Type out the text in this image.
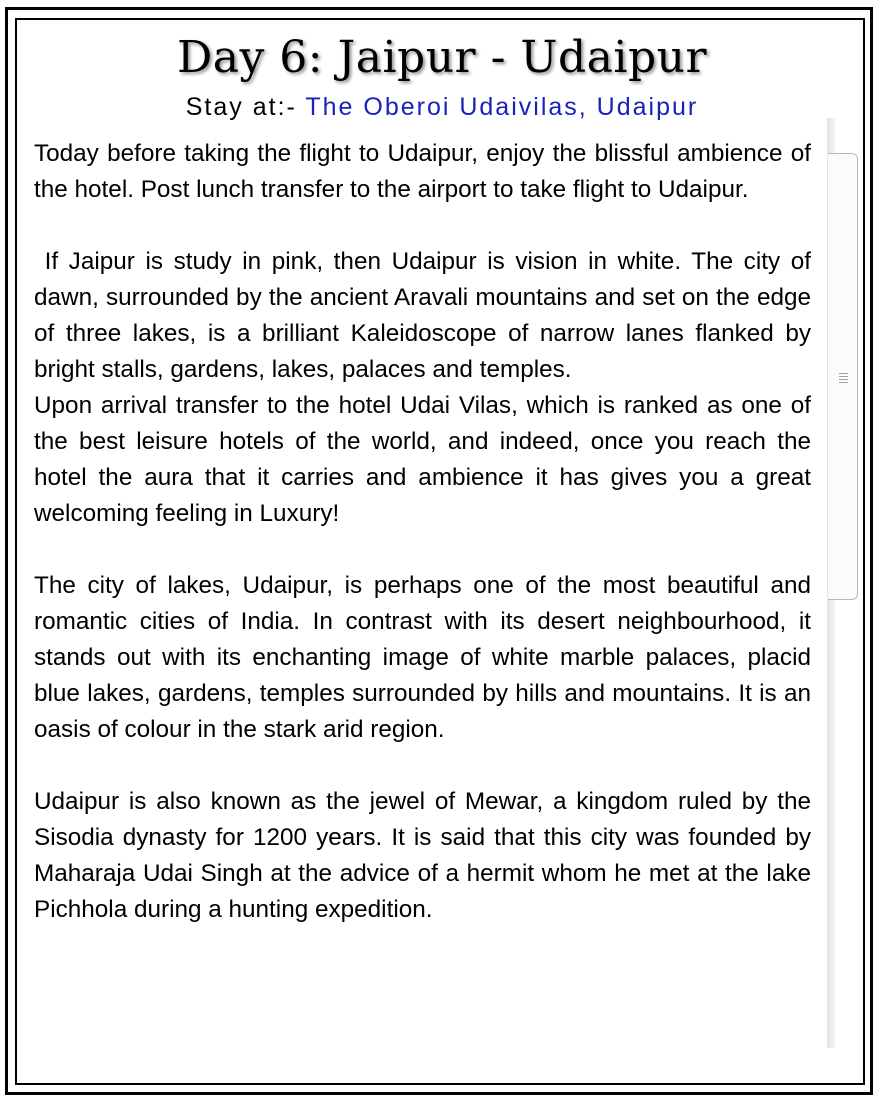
Day 6: Jaipur - Udaipur
Stay at:- The Oberoi Udaivilas, Udaipur

Today before taking the flight to Udaipur, enjoy the blissful ambience of the hotel. Post lunch transfer to the airport to take flight to Udaipur.

If Jaipur is study in pink, then Udaipur is vision in white. The city of dawn, surrounded by the ancient Aravali mountains and set on the edge of three lakes, is a brilliant Kaleidoscope of narrow lanes flanked by bright stalls, gardens, lakes, palaces and temples.

Upon arrival transfer to the hotel Udai Vilas, which is ranked as one of the best leisure hotels of the world, and indeed, once you reach the hotel the aura that it carries and ambience it has gives you a great welcoming feeling in Luxury!

The city of lakes, Udaipur, is perhaps one of the most beautiful and romantic cities of India. In contrast with its desert neighbourhood, it stands out with its enchanting image of white marble palaces, placid blue lakes, gardens, temples surrounded by hills and mountains. It is an oasis of colour in the stark arid region.

Udaipur is also known as the jewel of Mewar, a kingdom ruled by the Sisodia dynasty for 1200 years. It is said that this city was founded by Maharaja Udai Singh at the advice of a hermit whom he met at the lake Pichhola during a hunting expedition.
